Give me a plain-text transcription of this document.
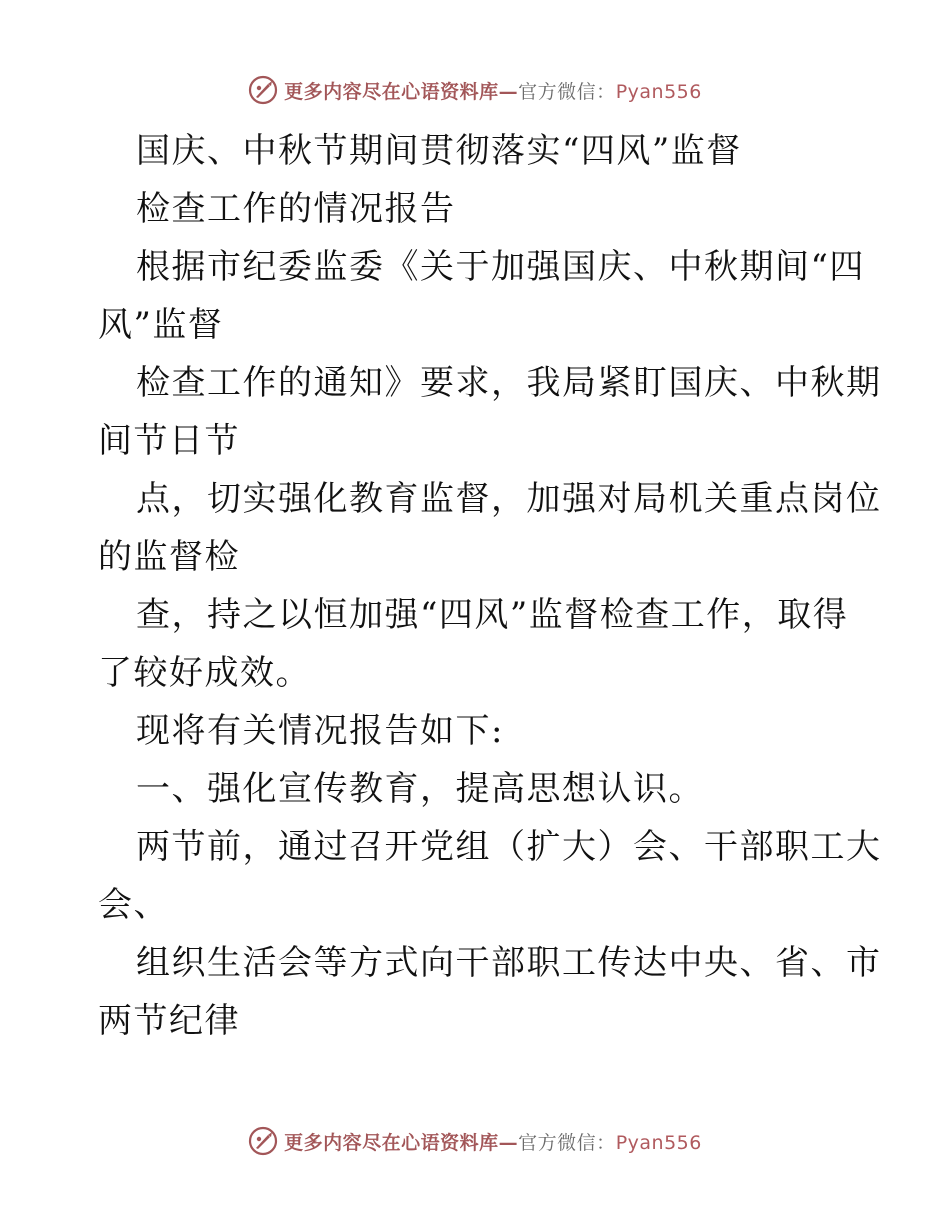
更多内容尽在心语资料库—官方微信：Pyan556

国庆、中秋节期间贯彻落实“四风”监督

检查工作的情况报告

根据市纪委监委《关于加强国庆、中秋期间“四

风”监督

检查工作的通知》要求，我局紧盯国庆、中秋期

间节日节

点，切实强化教育监督，加强对局机关重点岗位

的监督检

查，持之以恒加强“四风”监督检查工作，取得

了较好成效。

现将有关情况报告如下:

一、强化宣传教育，提高思想认识。

两节前，通过召开党组（扩大）会、干部职工大

会、

组织生活会等方式向干部职工传达中央、省、市

两节纪律

更多内容尽在心语资料库—官方微信：Pyan556
